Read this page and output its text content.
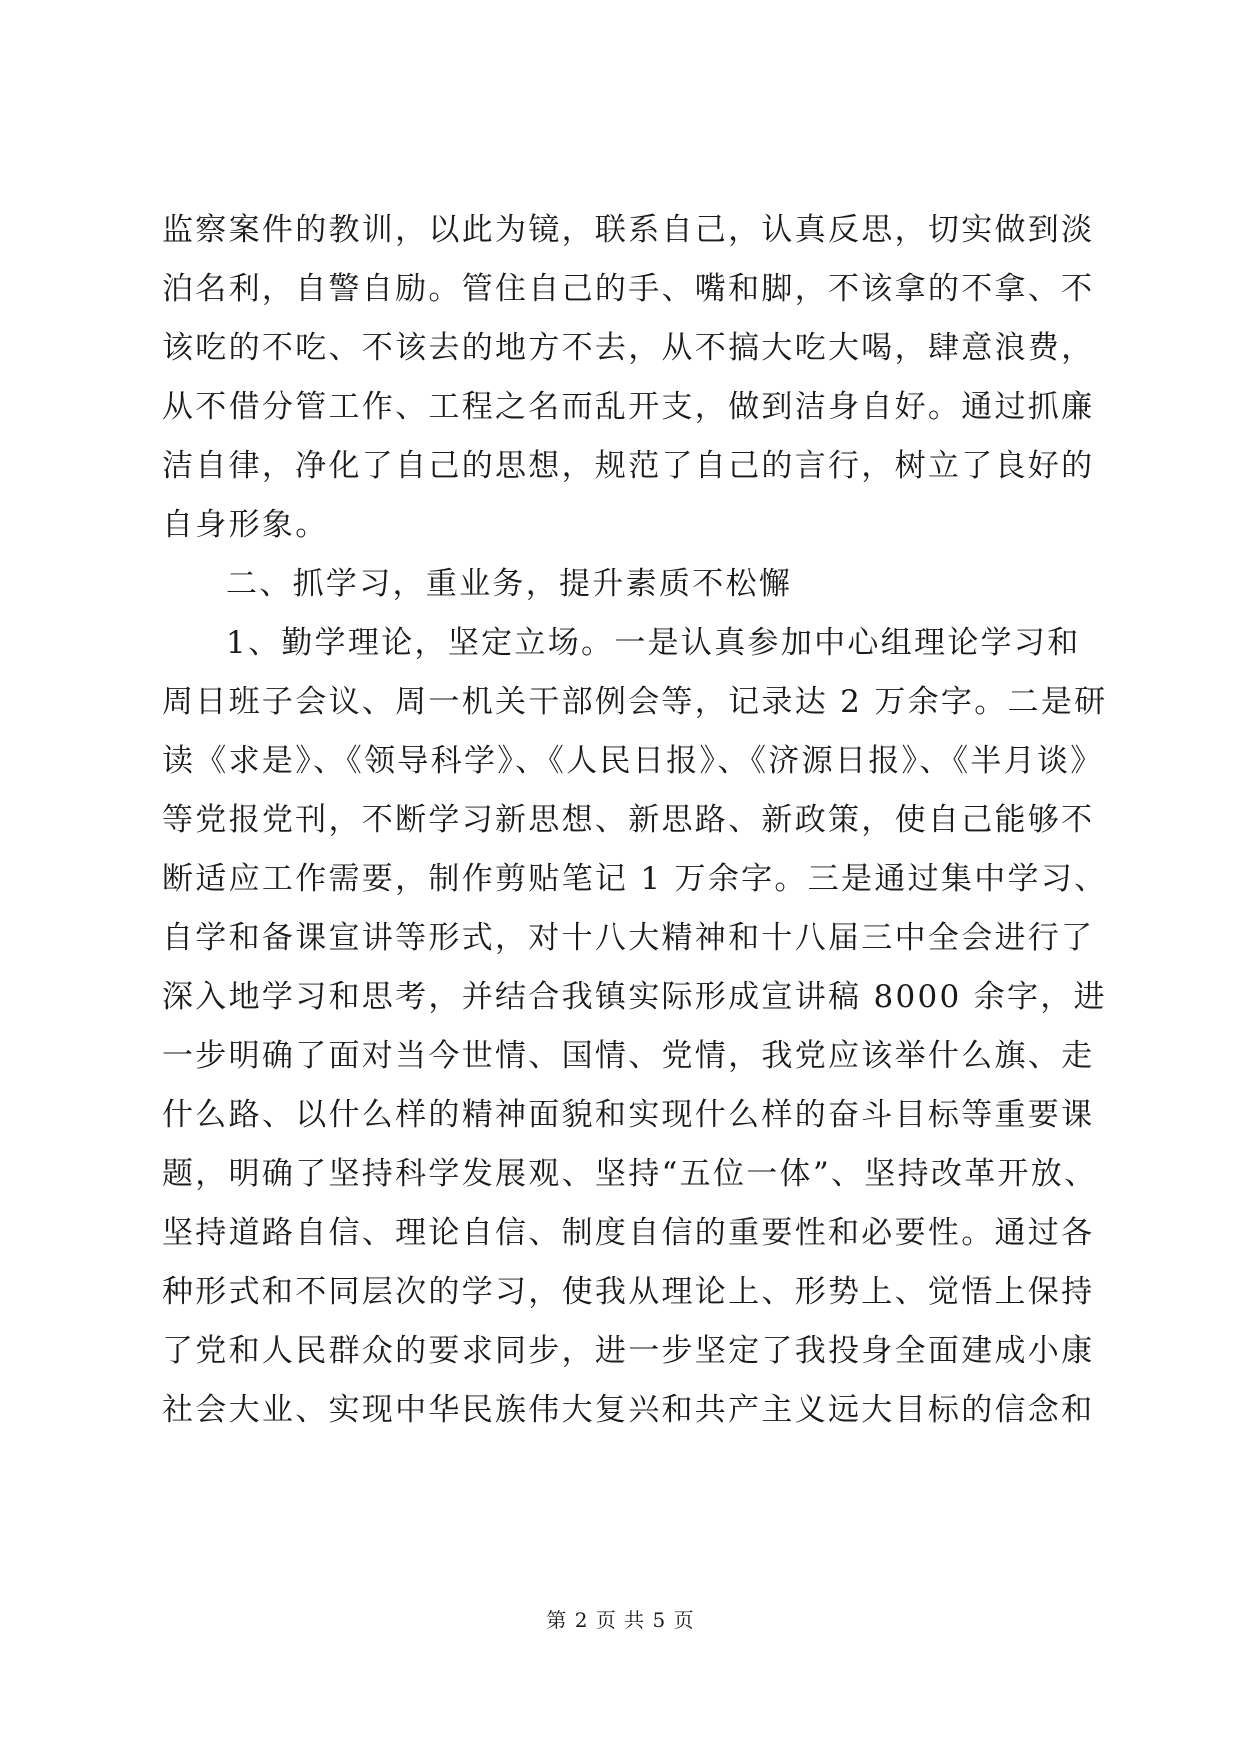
监察案件的教训，以此为镜，联系自己，认真反思，切实做到淡
泊名利，自警自励。管住自己的手、嘴和脚，不该拿的不拿、不
该吃的不吃、不该去的地方不去，从不搞大吃大喝，肆意浪费，
从不借分管工作、工程之名而乱开支，做到洁身自好。通过抓廉
洁自律，净化了自己的思想，规范了自己的言行，树立了良好的
自身形象。
二、抓学习，重业务，提升素质不松懈
1、勤学理论，坚定立场。一是认真参加中心组理论学习和
周日班子会议、周一机关干部例会等，记录达 2 万余字。二是研
读《求是》、《领导科学》、《人民日报》、《济源日报》、《半月谈》
等党报党刊，不断学习新思想、新思路、新政策，使自己能够不
断适应工作需要，制作剪贴笔记 1 万余字。三是通过集中学习、
自学和备课宣讲等形式，对十八大精神和十八届三中全会进行了
深入地学习和思考，并结合我镇实际形成宣讲稿 8000 余字，进
一步明确了面对当今世情、国情、党情，我党应该举什么旗、走
什么路、以什么样的精神面貌和实现什么样的奋斗目标等重要课
题，明确了坚持科学发展观、坚持“五位一体”、坚持改革开放、
坚持道路自信、理论自信、制度自信的重要性和必要性。通过各
种形式和不同层次的学习，使我从理论上、形势上、觉悟上保持
了党和人民群众的要求同步，进一步坚定了我投身全面建成小康
社会大业、实现中华民族伟大复兴和共产主义远大目标的信念和
第 2 页 共 5 页
